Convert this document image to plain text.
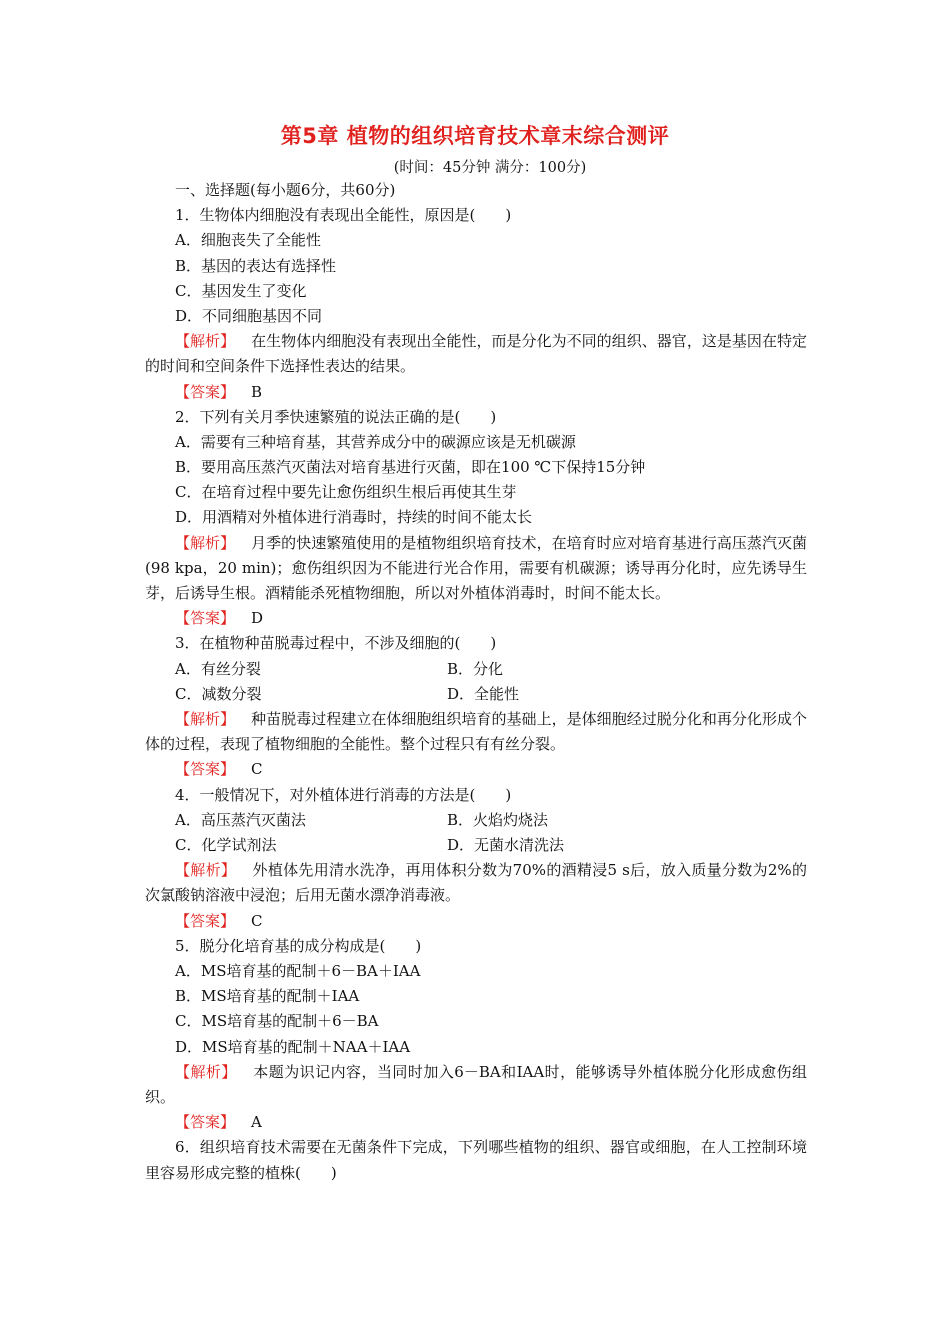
第5章 植物的组织培育技术章末综合测评
(时间：45分钟 满分：100分)
一、选择题(每小题6分，共60分)
1．生物体内细胞没有表现出全能性，原因是(　　)
A．细胞丧失了全能性
B．基因的表达有选择性
C．基因发生了变化
D．不同细胞基因不同

【解析】 在生物体内细胞没有表现出全能性，而是分化为不同的组织、器官，这是基因在特定的时间和空间条件下选择性表达的结果。

【答案】 B
2．下列有关月季快速繁殖的说法正确的是(　　)
A．需要有三种培育基，其营养成分中的碳源应该是无机碳源
B．要用高压蒸汽灭菌法对培育基进行灭菌，即在100 ℃下保持15分钟
C．在培育过程中要先让愈伤组织生根后再使其生芽
D．用酒精对外植体进行消毒时，持续的时间不能太长

【解析】 月季的快速繁殖使用的是植物组织培育技术，在培育时应对培育基进行高压蒸汽灭菌(98 kpa，20 min)；愈伤组织因为不能进行光合作用，需要有机碳源；诱导再分化时，应先诱导生芽，后诱导生根。酒精能杀死植物细胞，所以对外植体消毒时，时间不能太长。

【答案】 D
3．在植物种苗脱毒过程中，不涉及细胞的(　　)
A．有丝分裂	B．分化
C．减数分裂	D．全能性

【解析】 种苗脱毒过程建立在体细胞组织培育的基础上，是体细胞经过脱分化和再分化形成个体的过程，表现了植物细胞的全能性。整个过程只有有丝分裂。

【答案】 C
4．一般情况下，对外植体进行消毒的方法是(　　)
A．高压蒸汽灭菌法	B．火焰灼烧法
C．化学试剂法	D．无菌水清洗法

【解析】 外植体先用清水洗净，再用体积分数为70%的酒精浸5 s后，放入质量分数为2%的次氯酸钠溶液中浸泡；后用无菌水漂净消毒液。

【答案】 C
5．脱分化培育基的成分构成是(　　)
A．MS培育基的配制＋6－BA＋IAA
B．MS培育基的配制＋IAA
C．MS培育基的配制＋6－BA
D．MS培育基的配制＋NAA＋IAA

【解析】 本题为识记内容，当同时加入6－BA和IAA时，能够诱导外植体脱分化形成愈伤组织。

【答案】 A

6．组织培育技术需要在无菌条件下完成，下列哪些植物的组织、器官或细胞，在人工控制环境里容易形成完整的植株(　　)
